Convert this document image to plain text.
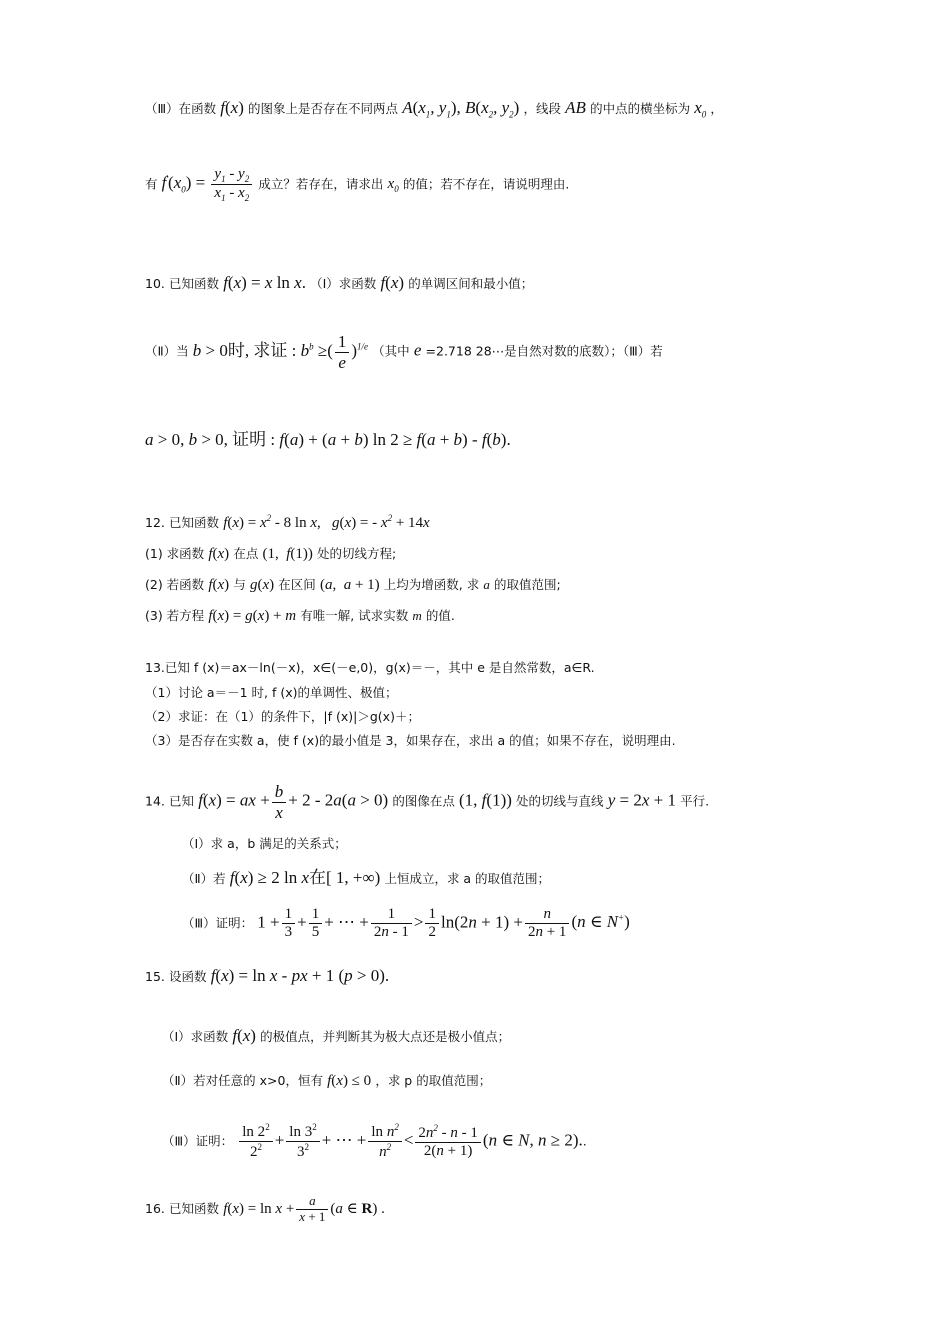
（Ⅲ）在函数 f(x) 的图象上是否存在不同两点 $A(x_1$, $y_1$), $B(x_2$, $y_2$) ，线段 AB 的中点的横坐标为 $x_0$ ，
有 $f'(x_0) = \frac{y_1 - y_2}{x_1 - x_2}$ 成立？若存在，请求出 $x_0$ 的值；若不存在，请说明理由.
10. 已知函数 f(x) = x ln x. （Ⅰ）求函数 f(x) 的单调区间和最小值；
（Ⅱ）当 b > 0时, 求证 : $b^b$ ≥( $\frac{1}{e} )^{1/e}$ （其中 e =2.718 28⋯是自然对数的底数）；（Ⅲ）若
a > 0, b > 0, 证明 : f(a) + (a + b) ln 2 ≥ f(a + b) - f(b).
12. 已知函数 $f(x) = x^2 - 8$ ln x,   g(x) = - $x^2 + 14x$
(1) 求函数 f(x) 在点 (1,  f(1)) 处的切线方程;
(2) 若函数 f(x) 与 g(x) 在区间 (a,  a + 1) 上均为增函数, 求 a 的取值范围;
(3) 若方程 f(x) = g(x) + m 有唯一解, 试求实数 m 的值.
13.已知 f (x)＝ax－ln(－x)，x∈(－e,0)，g(x)＝－，其中 e 是自然常数，a∈R.
（1）讨论 a＝－1 时, f (x)的单调性、极值；
（2）求证：在（1）的条件下，|f (x)|＞g(x)＋；
（3）是否存在实数 a，使 f (x)的最小值是 3，如果存在，求出 a 的值；如果不存在，说明理由.
14. 已知 f(x) = ax + $\frac{b}{x} + 2 - 2a(a > 0)$ 的图像在点 (1, f(1)) 处的切线与直线 y = 2x + 1 平行.
（Ⅰ）求 a，b 满足的关系式；
（Ⅱ）若 f(x) ≥ 2 ln x在[ 1, +∞) 上恒成立，求 a 的取值范围；
（Ⅲ）证明： $1 + \frac{1}{3} + \frac{1}{5}$ + ⋯ + $\frac{1}{2n - 1} > \frac{1}{2} \ln(2n + 1) + \frac{n}{2n + 1} (n$ ∈ N+)
15. 设函数 f(x) = ln x - px + 1 (p > 0).
（Ⅰ）求函数 f(x) 的极值点，并判断其为极大点还是极小值点；
（Ⅱ）若对任意的 x>0，恒有 f(x) ≤ 0 ，求 p 的取值范围；
（Ⅲ）证明： $\frac{\ln 2^2}{2^2} + \frac{\ln 3^2}{3^2}$ + ⋯ + $\frac{\ln n^2}{n^2} < \frac{2n^2 - n - 1}{2(n + 1)} (n$ ∈ N, n ≥ 2)..
16. 已知函数 $f(x) = \ln x + \frac{a}{x + 1} (a$ ∈ R) .
